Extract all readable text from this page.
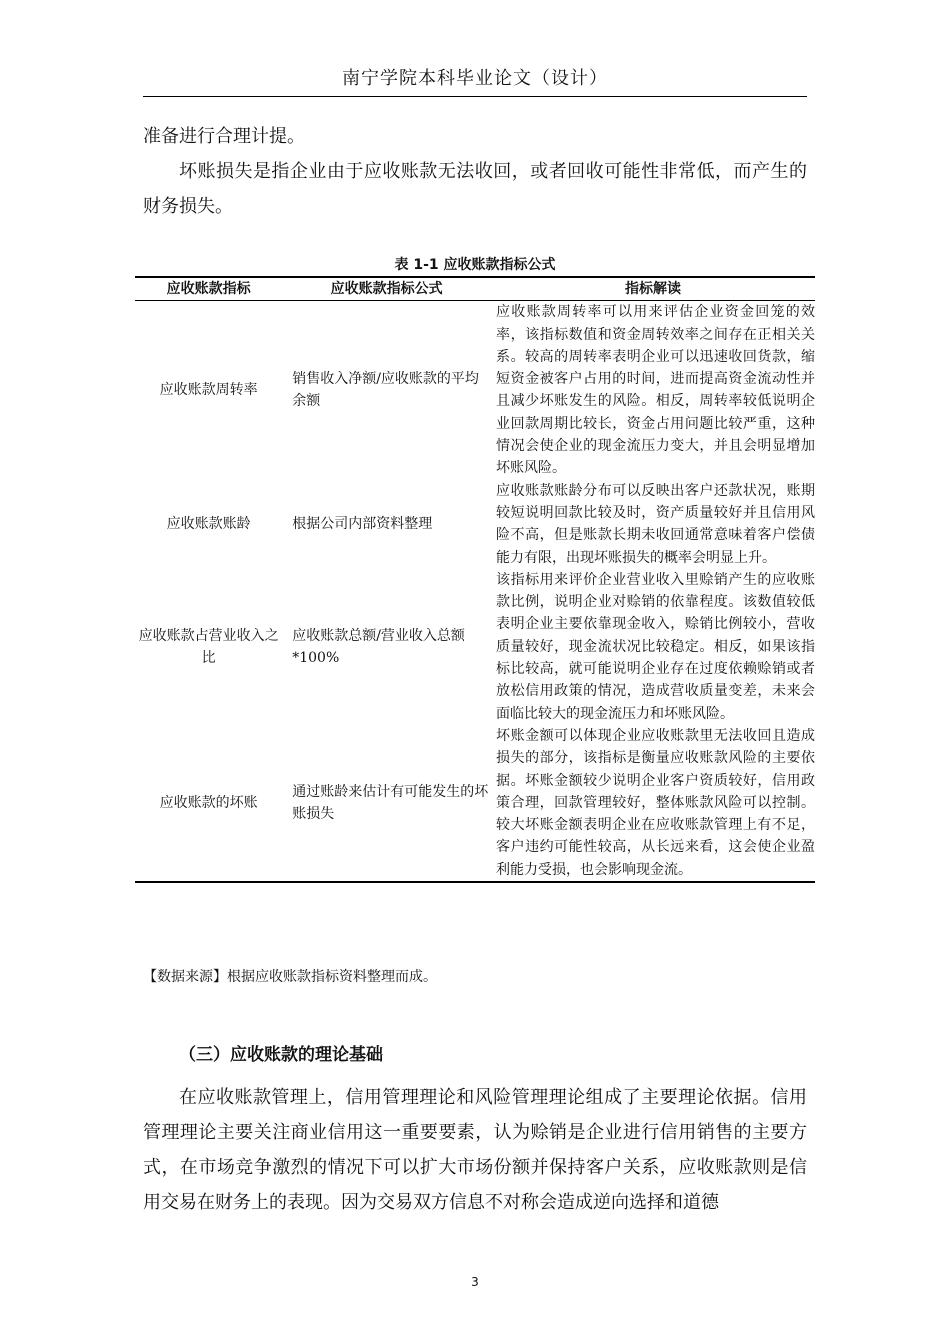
南宁学院本科毕业论文（设计）

准备进行合理计提。

坏账损失是指企业由于应收账款无法收回，或者回收可能性非常低，而产生的财务损失。

表 1-1 应收账款指标公式
应收账款指标	应收账款指标公式	指标解读
应收账款周转率	销售收入净额/应收账款的平均余额	应收账款周转率可以用来评估企业资金回笼的效率，该指标数值和资金周转效率之间存在正相关关系。较高的周转率表明企业可以迅速收回货款，缩短资金被客户占用的时间，进而提高资金流动性并且减少坏账发生的风险。相反，周转率较低说明企业回款周期比较长，资金占用问题比较严重，这种情况会使企业的现金流压力变大，并且会明显增加坏账风险。
应收账款账龄	根据公司内部资料整理	应收账款账龄分布可以反映出客户还款状况，账期较短说明回款比较及时，资产质量较好并且信用风险不高，但是账款长期未收回通常意味着客户偿债能力有限，出现坏账损失的概率会明显上升。
应收账款占营业收入之比	应收账款总额/营业收入总额*100%	该指标用来评价企业营业收入里赊销产生的应收账款比例，说明企业对赊销的依靠程度。该数值较低表明企业主要依靠现金收入，赊销比例较小，营收质量较好，现金流状况比较稳定。相反，如果该指标比较高，就可能说明企业存在过度依赖赊销或者放松信用政策的情况，造成营收质量变差，未来会面临比较大的现金流压力和坏账风险。
应收账款的坏账	通过账龄来估计有可能发生的坏账损失	坏账金额可以体现企业应收账款里无法收回且造成损失的部分，该指标是衡量应收账款风险的主要依据。坏账金额较少说明企业客户资质较好，信用政策合理，回款管理较好，整体账款风险可以控制。较大坏账金额表明企业在应收账款管理上有不足，客户违约可能性较高，从长远来看，这会使企业盈利能力受损，也会影响现金流。
【数据来源】根据应收账款指标资料整理而成。
（三）应收账款的理论基础

在应收账款管理上，信用管理理论和风险管理理论组成了主要理论依据。信用管理理论主要关注商业信用这一重要要素，认为赊销是企业进行信用销售的主要方式，在市场竞争激烈的情况下可以扩大市场份额并保持客户关系，应收账款则是信用交易在财务上的表现。因为交易双方信息不对称会造成逆向选择和道德

3
